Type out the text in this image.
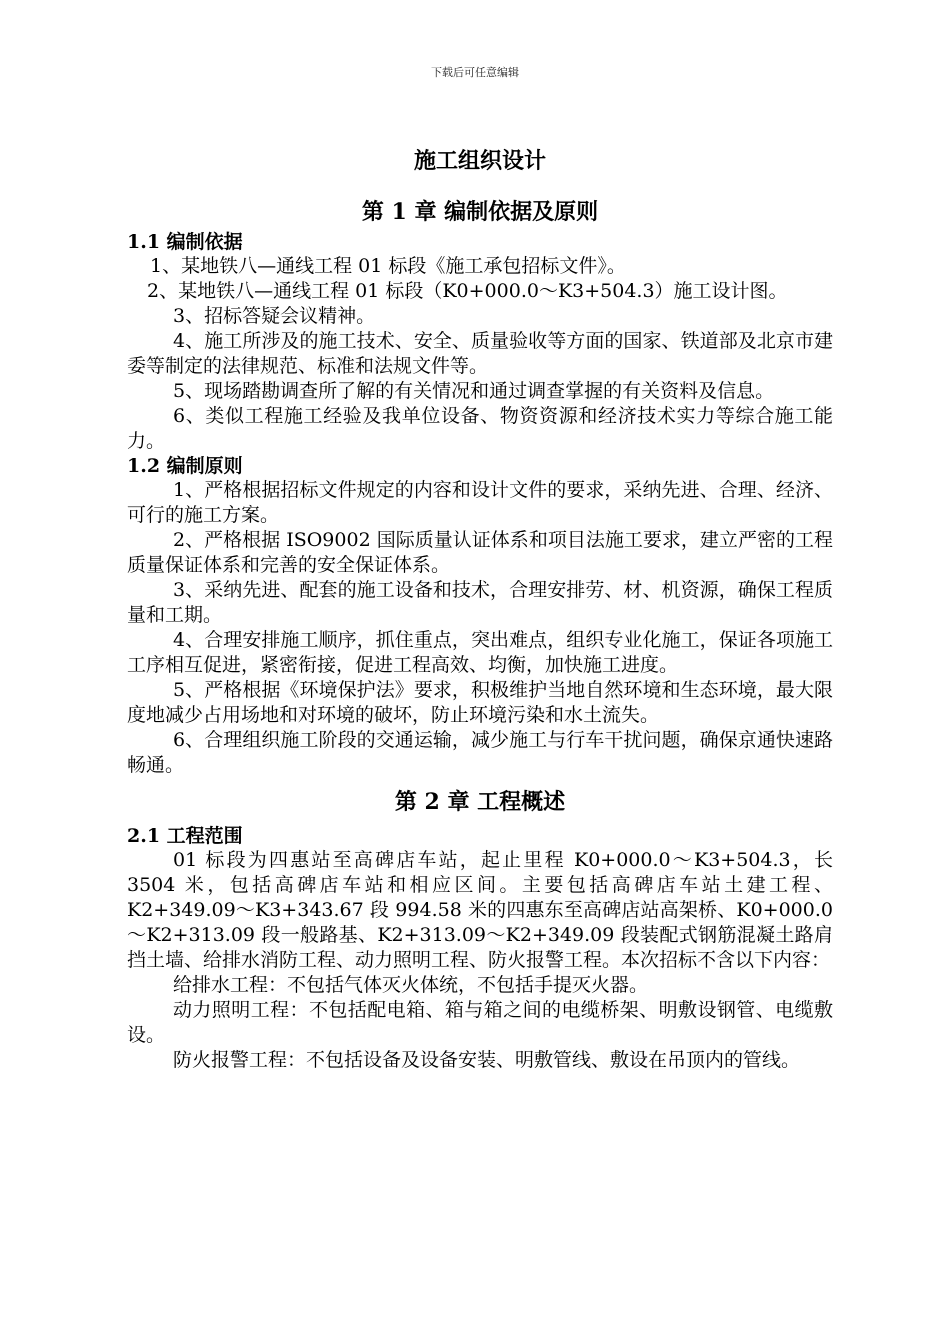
下载后可任意编辑
施工组织设计
第 1 章 编制依据及原则
1.1 编制依据

1、某地铁八—通线工程 01 标段《施工承包招标文件》。

2、某地铁八—通线工程 01 标段（K0+000.0～K3+504.3）施工设计图。

3、招标答疑会议精神。

4、施工所涉及的施工技术、安全、质量验收等方面的国家、铁道部及北京市建委等制定的法律规范、标准和法规文件等。

5、现场踏勘调查所了解的有关情况和通过调查掌握的有关资料及信息。

6、类似工程施工经验及我单位设备、物资资源和经济技术实力等综合施工能力。

1.2 编制原则

1、严格根据招标文件规定的内容和设计文件的要求，采纳先进、合理、经济、可行的施工方案。

2、严格根据 ISO9002 国际质量认证体系和项目法施工要求，建立严密的工程质量保证体系和完善的安全保证体系。

3、采纳先进、配套的施工设备和技术，合理安排劳、材、机资源，确保工程质量和工期。

4、合理安排施工顺序，抓住重点，突出难点，组织专业化施工，保证各项施工工序相互促进，紧密衔接，促进工程高效、均衡，加快施工进度。

5、严格根据《环境保护法》要求，积极维护当地自然环境和生态环境，最大限度地减少占用场地和对环境的破坏，防止环境污染和水土流失。

6、合理组织施工阶段的交通运输，减少施工与行车干扰问题，确保京通快速路畅通。

第 2 章 工程概述
2.1 工程范围

01 标段为四惠站至高碑店车站，起止里程 K0+000.0～K3+504.3，长 3504 米，包括高碑店车站和相应区间。主要包括高碑店车站土建工程、K2+349.09～K3+343.67 段 994.58 米的四惠东至高碑店站高架桥、K0+000.0～K2+313.09 段一般路基、K2+313.09～K2+349.09 段装配式钢筋混凝土路肩挡土墙、给排水消防工程、动力照明工程、防火报警工程。本次招标不含以下内容：

给排水工程：不包括气体灭火体统，不包括手提灭火器。

动力照明工程：不包括配电箱、箱与箱之间的电缆桥架、明敷设钢管、电缆敷设。

防火报警工程：不包括设备及设备安装、明敷管线、敷设在吊顶内的管线。
